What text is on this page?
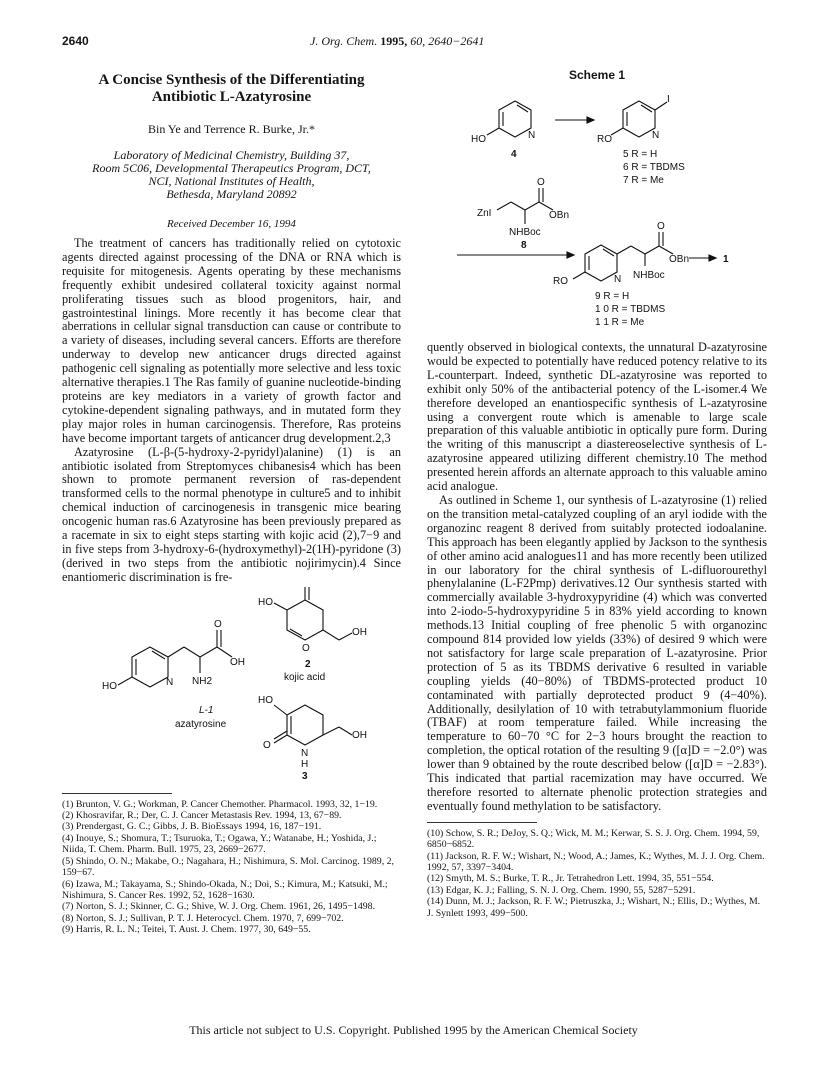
2640	J. Org. Chem. 1995, 60, 2640−2641
A Concise Synthesis of the Differentiating
Antibiotic L-Azatyrosine
Bin Ye and Terrence R. Burke, Jr.*
Laboratory of Medicinal Chemistry, Building 37,
Room 5C06, Developmental Therapeutics Program, DCT,
NCI, National Institutes of Health,
Bethesda, Maryland 20892
Received December 16, 1994

The treatment of cancers has traditionally relied on cytotoxic agents directed against processing of the DNA or RNA which is requisite for mitogenesis. Agents operating by these mechanisms frequently exhibit undesired collateral toxicity against normal proliferating tissues such as blood progenitors, hair, and gastrointestinal linings. More recently it has become clear that aberrations in cellular signal transduction can cause or contribute to a variety of diseases, including several cancers. Efforts are therefore underway to develop new anticancer drugs directed against pathogenic cell signaling as potentially more selective and less toxic alternative therapies.1 The Ras family of guanine nucleotide-binding proteins are key mediators in a variety of growth factor and cytokine-dependent signaling pathways, and in mutated form they play major roles in human carcinogensis. Therefore, Ras proteins have become important targets of anticancer drug development.2,3

Azatyrosine (L-β-(5-hydroxy-2-pyridyl)alanine) (1) is an antibiotic isolated from Streptomyces chibanesis4 which has been shown to promote permanent reversion of ras-dependent transformed cells to the normal phenotype in culture5 and to inhibit chemical induction of carcinogenesis in transgenic mice bearing oncogenic human ras.6 Azatyrosine has been previously prepared as a racemate in six to eight steps starting with kojic acid (2),7−9 and in five steps from 3-hydroxy-6-(hydroxymethyl)-2(1H)-pyridone (3) (derived in two steps from the antibiotic nojirimycin).4 Since enantiomeric discrimination is fre-

HO	N
O
OH
NH2
L-1
azatyrosine
HO
O
OH
2
kojic acid
HO
O
N
H
OH
3
(1) Brunton, V. G.; Workman, P. Cancer Chemother. Pharmacol. 1993, 32, 1−19.
(2) Khosravifar, R.; Der, C. J. Cancer Metastasis Rev. 1994, 13, 67−89.
(3) Prendergast, G. C.; Gibbs, J. B. BioEssays 1994, 16, 187−191.
(4) Inouye, S.; Shomura, T.; Tsuruoka, T.; Ogawa, Y.; Watanabe, H.; Yoshida, J.; Niida, T. Chem. Pharm. Bull. 1975, 23, 2669−2677.
(5) Shindo, O. N.; Makabe, O.; Nagahara, H.; Nishimura, S. Mol. Carcinog. 1989, 2, 159−67.
(6) Izawa, M.; Takayama, S.; Shindo-Okada, N.; Doi, S.; Kimura, M.; Katsuki, M.; Nishimura, S. Cancer Res. 1992, 52, 1628−1630.
(7) Norton, S. J.; Skinner, C. G.; Shive, W. J. Org. Chem. 1961, 26, 1495−1498.
(8) Norton, S. J.; Sullivan, P. T. J. Heterocycl. Chem. 1970, 7, 699−702.
(9) Harris, R. L. N.; Teitei, T. Aust. J. Chem. 1977, 30, 649−55.
Scheme 1
HO	N
4
RO	N
I
5 R = H
6 R = TBDMS
7 R = Me
ZnI
O
OBn
NHBoc
8
RO	N
O
OBn
NHBoc
1
9 R = H
1 0 R = TBDMS
1 1 R = Me

quently observed in biological contexts, the unnatural D-azatyrosine would be expected to potentially have reduced potency relative to its L-counterpart. Indeed, synthetic DL-azatyrosine was reported to exhibit only 50% of the antibacterial potency of the L-isomer.4 We therefore developed an enantiospecific synthesis of L-azatyrosine using a convergent route which is amenable to large scale preparation of this valuable antibiotic in optically pure form. During the writing of this manuscript a diastereoselective synthesis of L-azatyrosine appeared utilizing different chemistry.10 The method presented herein affords an alternate approach to this valuable amino acid analogue.

As outlined in Scheme 1, our synthesis of L-azatyrosine (1) relied on the transition metal-catalyzed coupling of an aryl iodide with the organozinc reagent 8 derived from suitably protected iodoalanine. This approach has been elegantly applied by Jackson to the synthesis of other amino acid analogues11 and has more recently been utilized in our laboratory for the chiral synthesis of L-difluorourethyl phenylalanine (L-F2Pmp) derivatives.12 Our synthesis started with commercially available 3-hydroxypyridine (4) which was converted into 2-iodo-5-hydroxypyridine 5 in 83% yield according to known methods.13 Initial coupling of free phenolic 5 with organozinc compound 814 provided low yields (33%) of desired 9 which were not satisfactory for large scale preparation of L-azatyrosine. Prior protection of 5 as its TBDMS derivative 6 resulted in variable coupling yields (40−80%) of TBDMS-protected product 10 contaminated with partially deprotected product 9 (4−40%). Additionally, desilylation of 10 with tetrabutylammonium fluoride (TBAF) at room temperature failed. While increasing the temperature to 60−70 °C for 2−3 hours brought the reaction to completion, the optical rotation of the resulting 9 ([α]D = −2.0°) was lower than 9 obtained by the route described below ([α]D = −2.83°). This indicated that partial racemization may have occurred. We therefore resorted to alternate phenolic protection strategies and eventually found methylation to be satisfactory.

(10) Schow, S. R.; DeJoy, S. Q.; Wick, M. M.; Kerwar, S. S. J. Org. Chem. 1994, 59, 6850−6852.
(11) Jackson, R. F. W.; Wishart, N.; Wood, A.; James, K.; Wythes, M. J. J. Org. Chem. 1992, 57, 3397−3404.
(12) Smyth, M. S.; Burke, T. R., Jr. Tetrahedron Lett. 1994, 35, 551−554.
(13) Edgar, K. J.; Falling, S. N. J. Org. Chem. 1990, 55, 5287−5291.
(14) Dunn, M. J.; Jackson, R. F. W.; Pietruszka, J.; Wishart, N.; Ellis, D.; Wythes, M. J. Synlett 1993, 499−500.
This article not subject to U.S. Copyright. Published 1995 by the American Chemical Society
